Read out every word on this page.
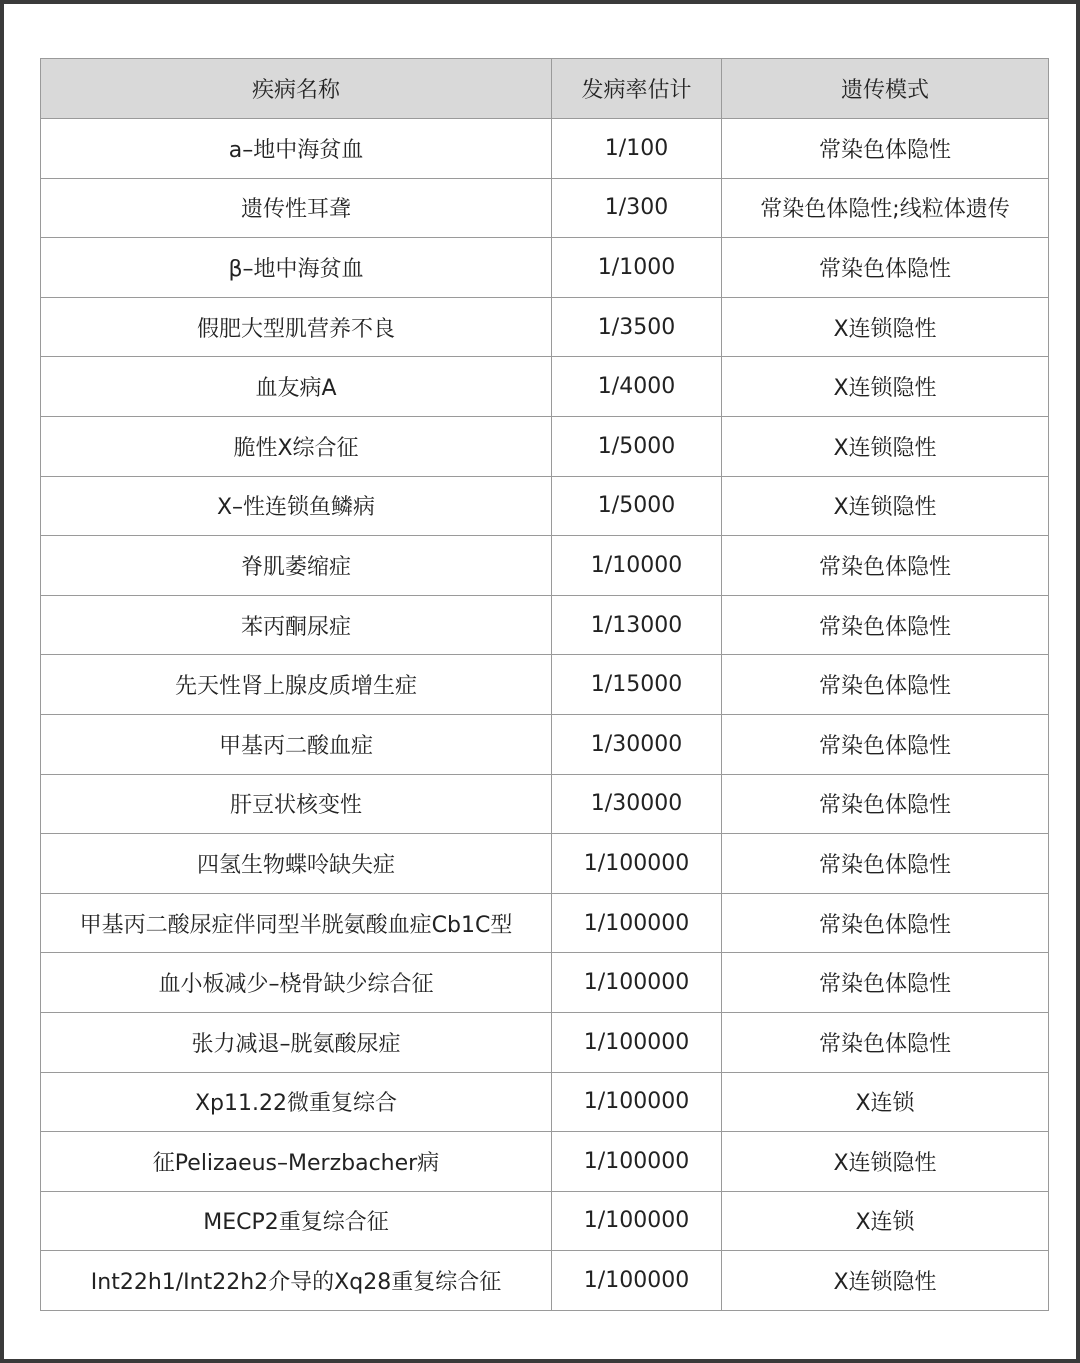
疾病名称	发病率估计	遗传模式
a–地中海贫血	1/100	常染色体隐性
遗传性耳聋	1/300	常染色体隐性;线粒体遗传
β–地中海贫血	1/1000	常染色体隐性
假肥大型肌营养不良	1/3500	X连锁隐性
血友病A	1/4000	X连锁隐性
脆性X综合征	1/5000	X连锁隐性
X–性连锁鱼鳞病	1/5000	X连锁隐性
脊肌萎缩症	1/10000	常染色体隐性
苯丙酮尿症	1/13000	常染色体隐性
先天性肾上腺皮质增生症	1/15000	常染色体隐性
甲基丙二酸血症	1/30000	常染色体隐性
肝豆状核变性	1/30000	常染色体隐性
四氢生物蝶呤缺失症	1/100000	常染色体隐性
甲基丙二酸尿症伴同型半胱氨酸血症Cb1C型	1/100000	常染色体隐性
血小板减少–桡骨缺少综合征	1/100000	常染色体隐性
张力减退–胱氨酸尿症	1/100000	常染色体隐性
Xp11.22微重复综合	1/100000	X连锁
征Pelizaeus–Merzbacher病	1/100000	X连锁隐性
MECP2重复综合征	1/100000	X连锁
Int22h1/Int22h2介导的Xq28重复综合征	1/100000	X连锁隐性
